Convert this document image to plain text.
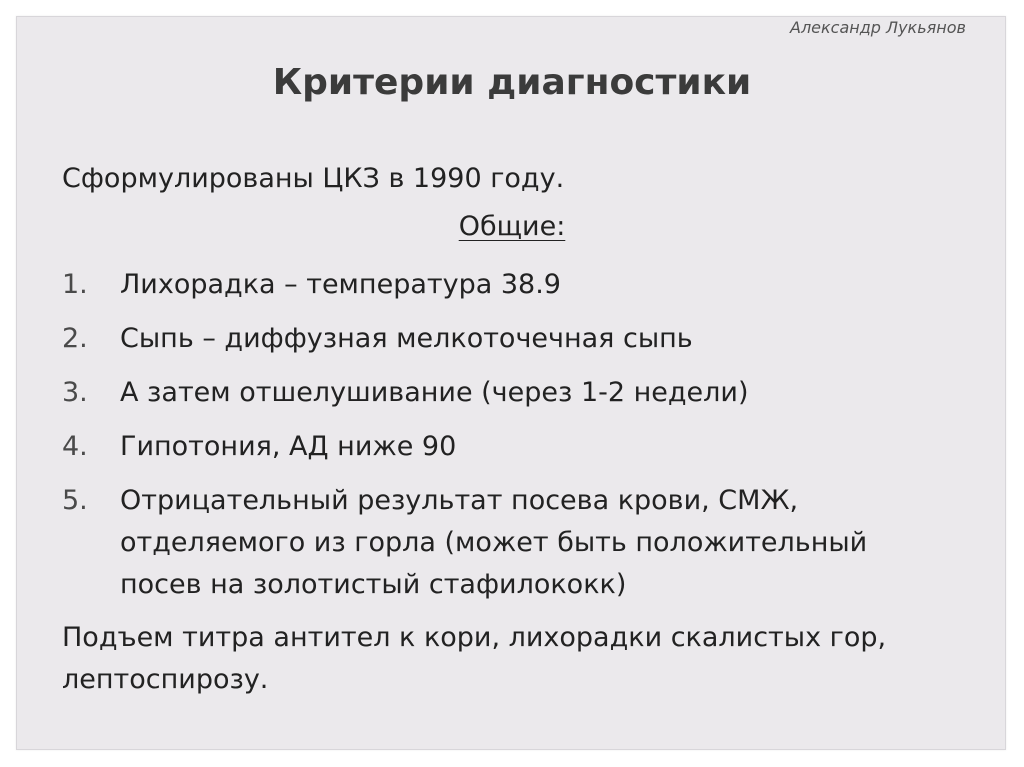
Александр Лукьянов
Критерии диагностики
Сформулированы ЦКЗ в 1990 году.
Общие:
1. Лихорадка – температура 38.9
2. Сыпь – диффузная мелкоточечная сыпь
3. А затем отшелушивание (через 1-2 недели)
4. Гипотония, АД ниже 90
5. Отрицательный результат посева крови, СМЖ,
отделяемого из горла (может быть положительный
посев на золотистый стафилококк)
Подъем титра антител к кори, лихорадки скалистых гор,
лептоспирозу.
